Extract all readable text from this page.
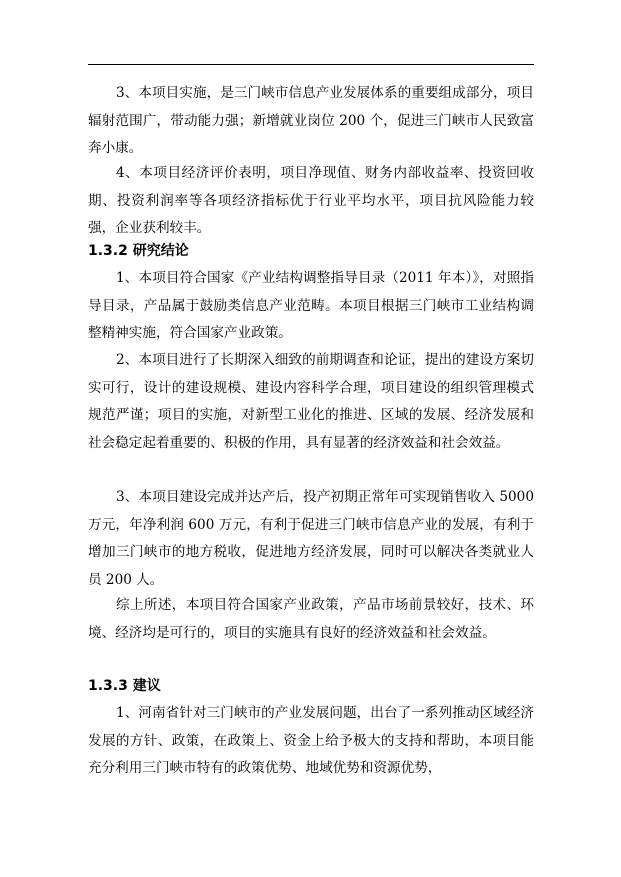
3、本项目实施，是三门峡市信息产业发展体系的重要组成部分，项目辐射范围广，带动能力强；新增就业岗位 200 个，促进三门峡市人民致富奔小康。

4、本项目经济评价表明，项目净现值、财务内部收益率、投资回收期、投资利润率等各项经济指标优于行业平均水平，项目抗风险能力较强，企业获利较丰。

1.3.2 研究结论

1、本项目符合国家《产业结构调整指导目录（2011 年本）》，对照指导目录，产品属于鼓励类信息产业范畴。本项目根据三门峡市工业结构调整精神实施，符合国家产业政策。

2、本项目进行了长期深入细致的前期调查和论证，提出的建设方案切实可行，设计的建设规模、建设内容科学合理，项目建设的组织管理模式规范严谨；项目的实施，对新型工业化的推进、区域的发展、经济发展和社会稳定起着重要的、积极的作用，具有显著的经济效益和社会效益。

3、本项目建设完成并达产后，投产初期正常年可实现销售收入 5000 万元，年净利润 600 万元，有利于促进三门峡市信息产业的发展，有利于增加三门峡市的地方税收，促进地方经济发展，同时可以解决各类就业人员 200 人。

综上所述，本项目符合国家产业政策，产品市场前景较好，技术、环境、经济均是可行的，项目的实施具有良好的经济效益和社会效益。

1.3.3 建议

1、河南省针对三门峡市的产业发展问题，出台了一系列推动区域经济发展的方针、政策，在政策上、资金上给予极大的支持和帮助，本项目能充分利用三门峡市特有的政策优势、地域优势和资源优势，
